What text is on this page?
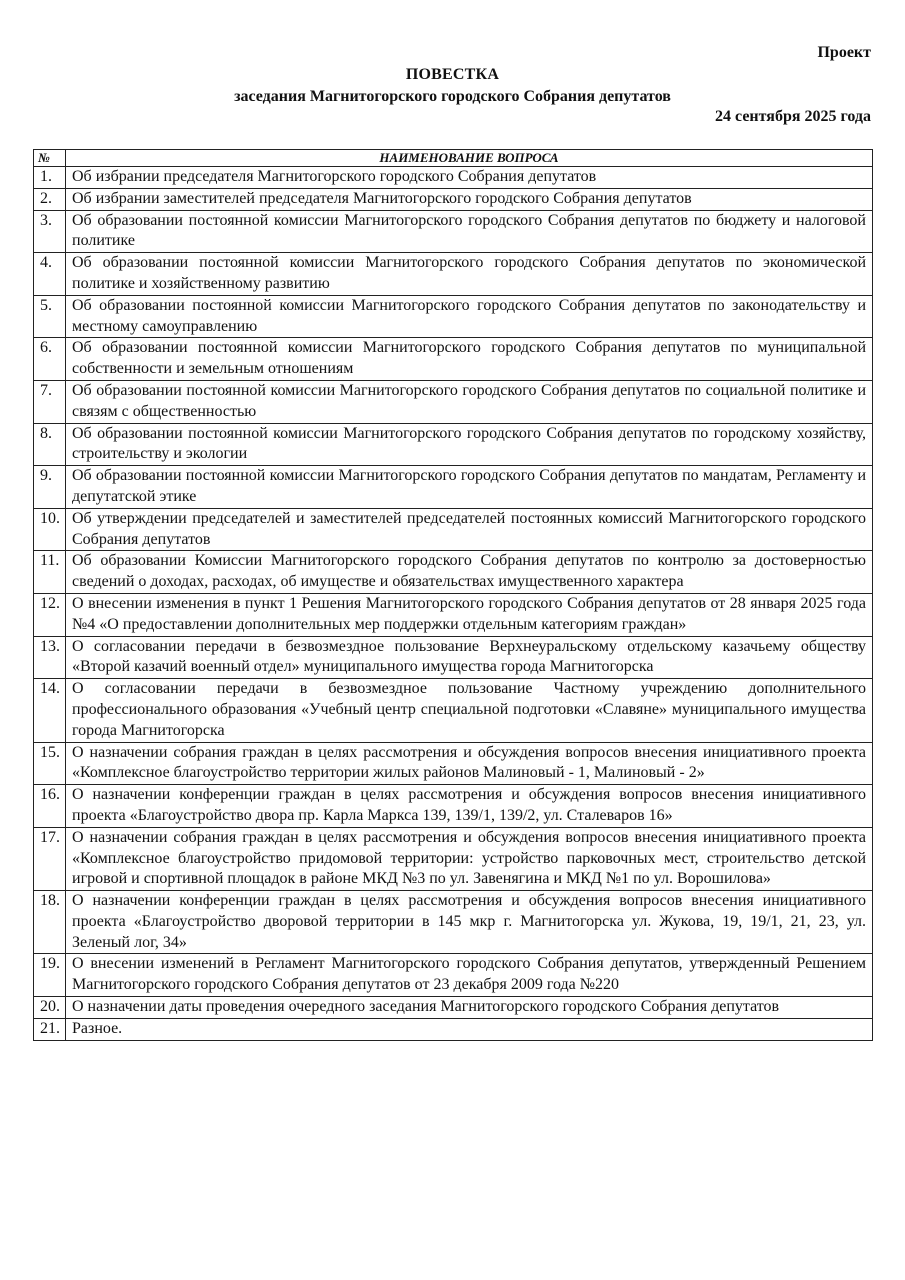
Проект
ПОВЕСТКА
заседания Магнитогорского городского Собрания депутатов
24 сентября 2025 года
№	НАИМЕНОВАНИЕ ВОПРОСА
1.	Об избрании председателя Магнитогорского городского Собрания депутатов
2.	Об избрании заместителей председателя Магнитогорского городского Собрания депутатов
3.	Об образовании постоянной комиссии Магнитогорского городского Собрания депутатов по бюджету и налоговой политике
4.	Об образовании постоянной комиссии Магнитогорского городского Собрания депутатов по экономической политике и хозяйственному развитию
5.	Об образовании постоянной комиссии Магнитогорского городского Собрания депутатов по законодательству и местному самоуправлению
6.	Об образовании постоянной комиссии Магнитогорского городского Собрания депутатов по муниципальной собственности и земельным отношениям
7.	Об образовании постоянной комиссии Магнитогорского городского Собрания депутатов по социальной политике и связям с общественностью
8.	Об образовании постоянной комиссии Магнитогорского городского Собрания депутатов по городскому хозяйству, строительству и экологии
9.	Об образовании постоянной комиссии Магнитогорского городского Собрания депутатов по мандатам, Регламенту и депутатской этике
10.	Об утверждении председателей и заместителей председателей постоянных комиссий Магнитогорского городского Собрания депутатов
11.	Об образовании Комиссии Магнитогорского городского Собрания депутатов по контролю за достоверностью сведений о доходах, расходах, об имуществе и обязательствах имущественного характера
12.	О внесении изменения в пункт 1 Решения Магнитогорского городского Собрания депутатов от 28 января 2025 года №4 «О предоставлении дополнительных мер поддержки отдельным категориям граждан»
13.	О согласовании передачи в безвозмездное пользование Верхнеуральскому отдельскому казачьему обществу «Второй казачий военный отдел» муниципального имущества города Магнитогорска
14.	О согласовании передачи в безвозмездное пользование Частному учреждению дополнительного профессионального образования «Учебный центр специальной подготовки «Славяне» муниципального имущества города Магнитогорска
15.	О назначении собрания граждан в целях рассмотрения и обсуждения вопросов внесения инициативного проекта «Комплексное благоустройство территории жилых районов Малиновый - 1, Малиновый - 2»
16.	О назначении конференции граждан в целях рассмотрения и обсуждения вопросов внесения инициативного проекта «Благоустройство двора пр. Карла Маркса 139, 139/1, 139/2, ул. Сталеваров 16»
17.	О назначении собрания граждан в целях рассмотрения и обсуждения вопросов внесения инициативного проекта «Комплексное благоустройство придомовой территории: устройство парковочных мест, строительство детской игровой и спортивной площадок в районе МКД №3 по ул. Завенягина и МКД №1 по ул. Ворошилова»
18.	О назначении конференции граждан в целях рассмотрения и обсуждения вопросов внесения инициативного проекта «Благоустройство дворовой территории в 145 мкр г. Магнитогорска ул. Жукова, 19, 19/1, 21, 23, ул. Зеленый лог, 34»
19.	О внесении изменений в Регламент Магнитогорского городского Собрания депутатов, утвержденный Решением Магнитогорского городского Собрания депутатов от 23 декабря 2009 года №220
20.	О назначении даты проведения очередного заседания Магнитогорского городского Собрания депутатов
21.	Разное.
